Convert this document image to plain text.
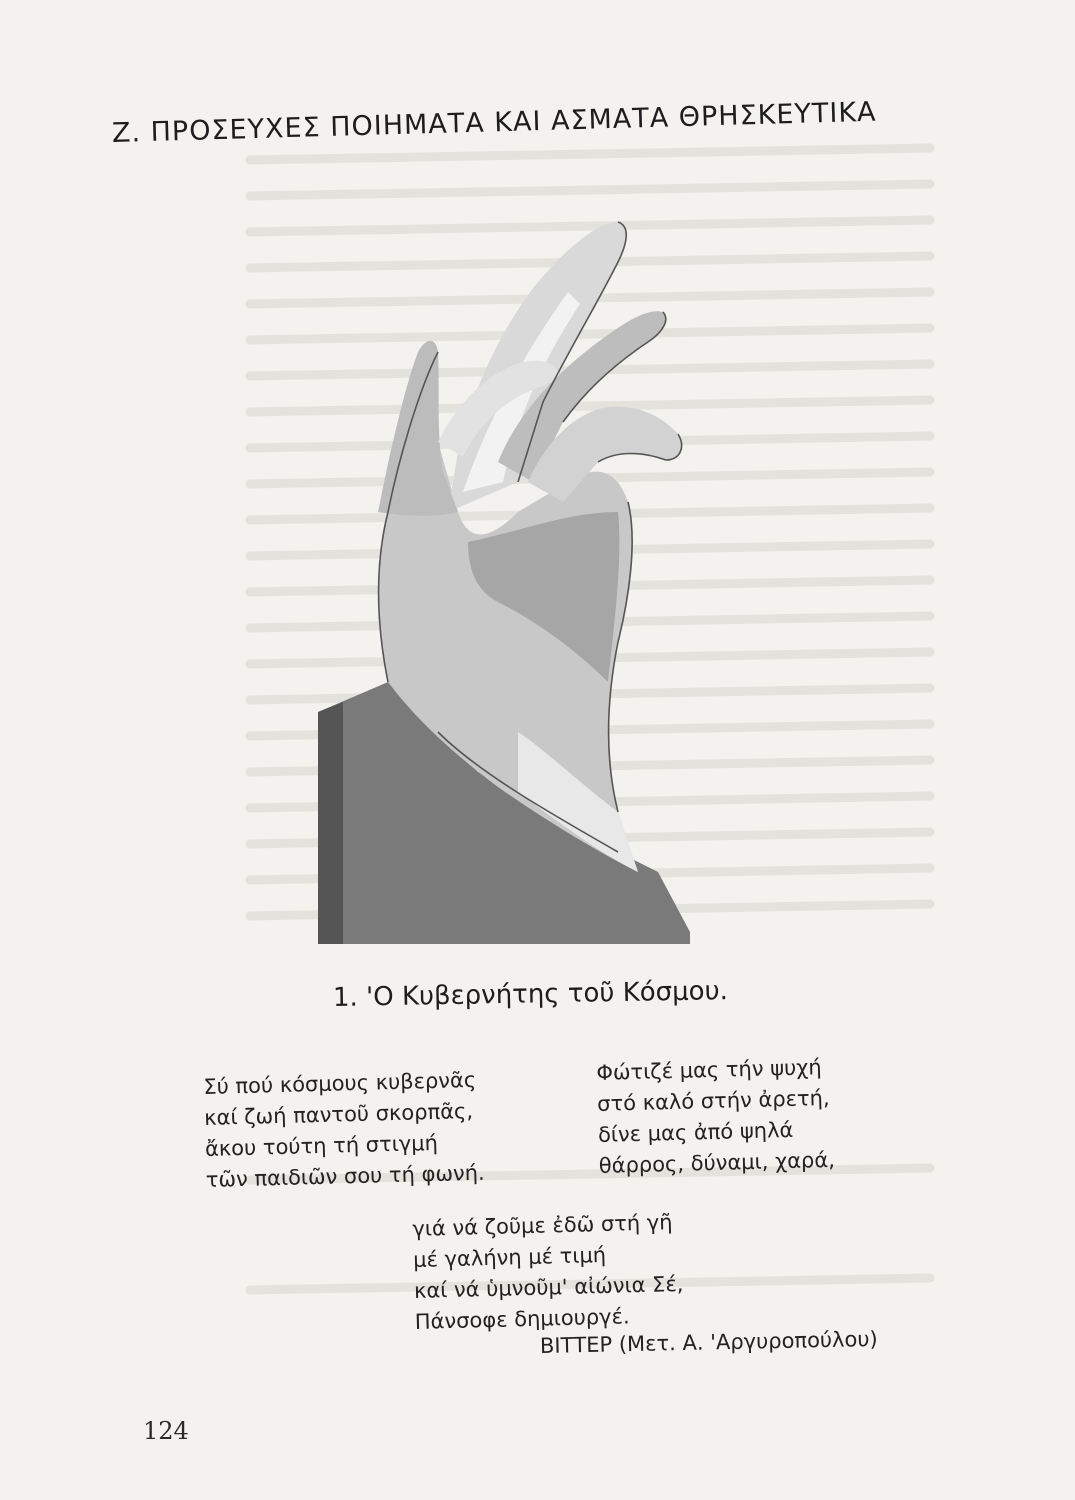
Ζ. ΠΡΟΣΕΥΧΕΣ ΠΟΙΗΜΑΤΑ ΚΑΙ ΑΣΜΑΤΑ ΘΡΗΣΚΕΥΤΙΚΑ
1. 'Ο Κυβερνήτης τοῦ Κόσμου.
Σύ πού κόσμους κυβερνᾶς
καί ζωή παντοῦ σκορπᾶς,
ἄκου τούτη τή στιγμή
τῶν παιδιῶν σου τή φωνή.
Φώτιζέ μας τήν ψυχή
στό καλό στήν ἀρετή,
δίνε μας ἀπό ψηλά
θάρρος, δύναμι, χαρά,
γιά νά ζοῦμε ἐδῶ στή γῆ
μέ γαλήνη μέ τιμή
καί νά ὑμνοῦμ' αἰώνια Σέ,
Πάνσοφε δημιουργέ.
ΒΙΤΤΕΡ (Μετ. Α. 'Αργυροπούλου)
124
